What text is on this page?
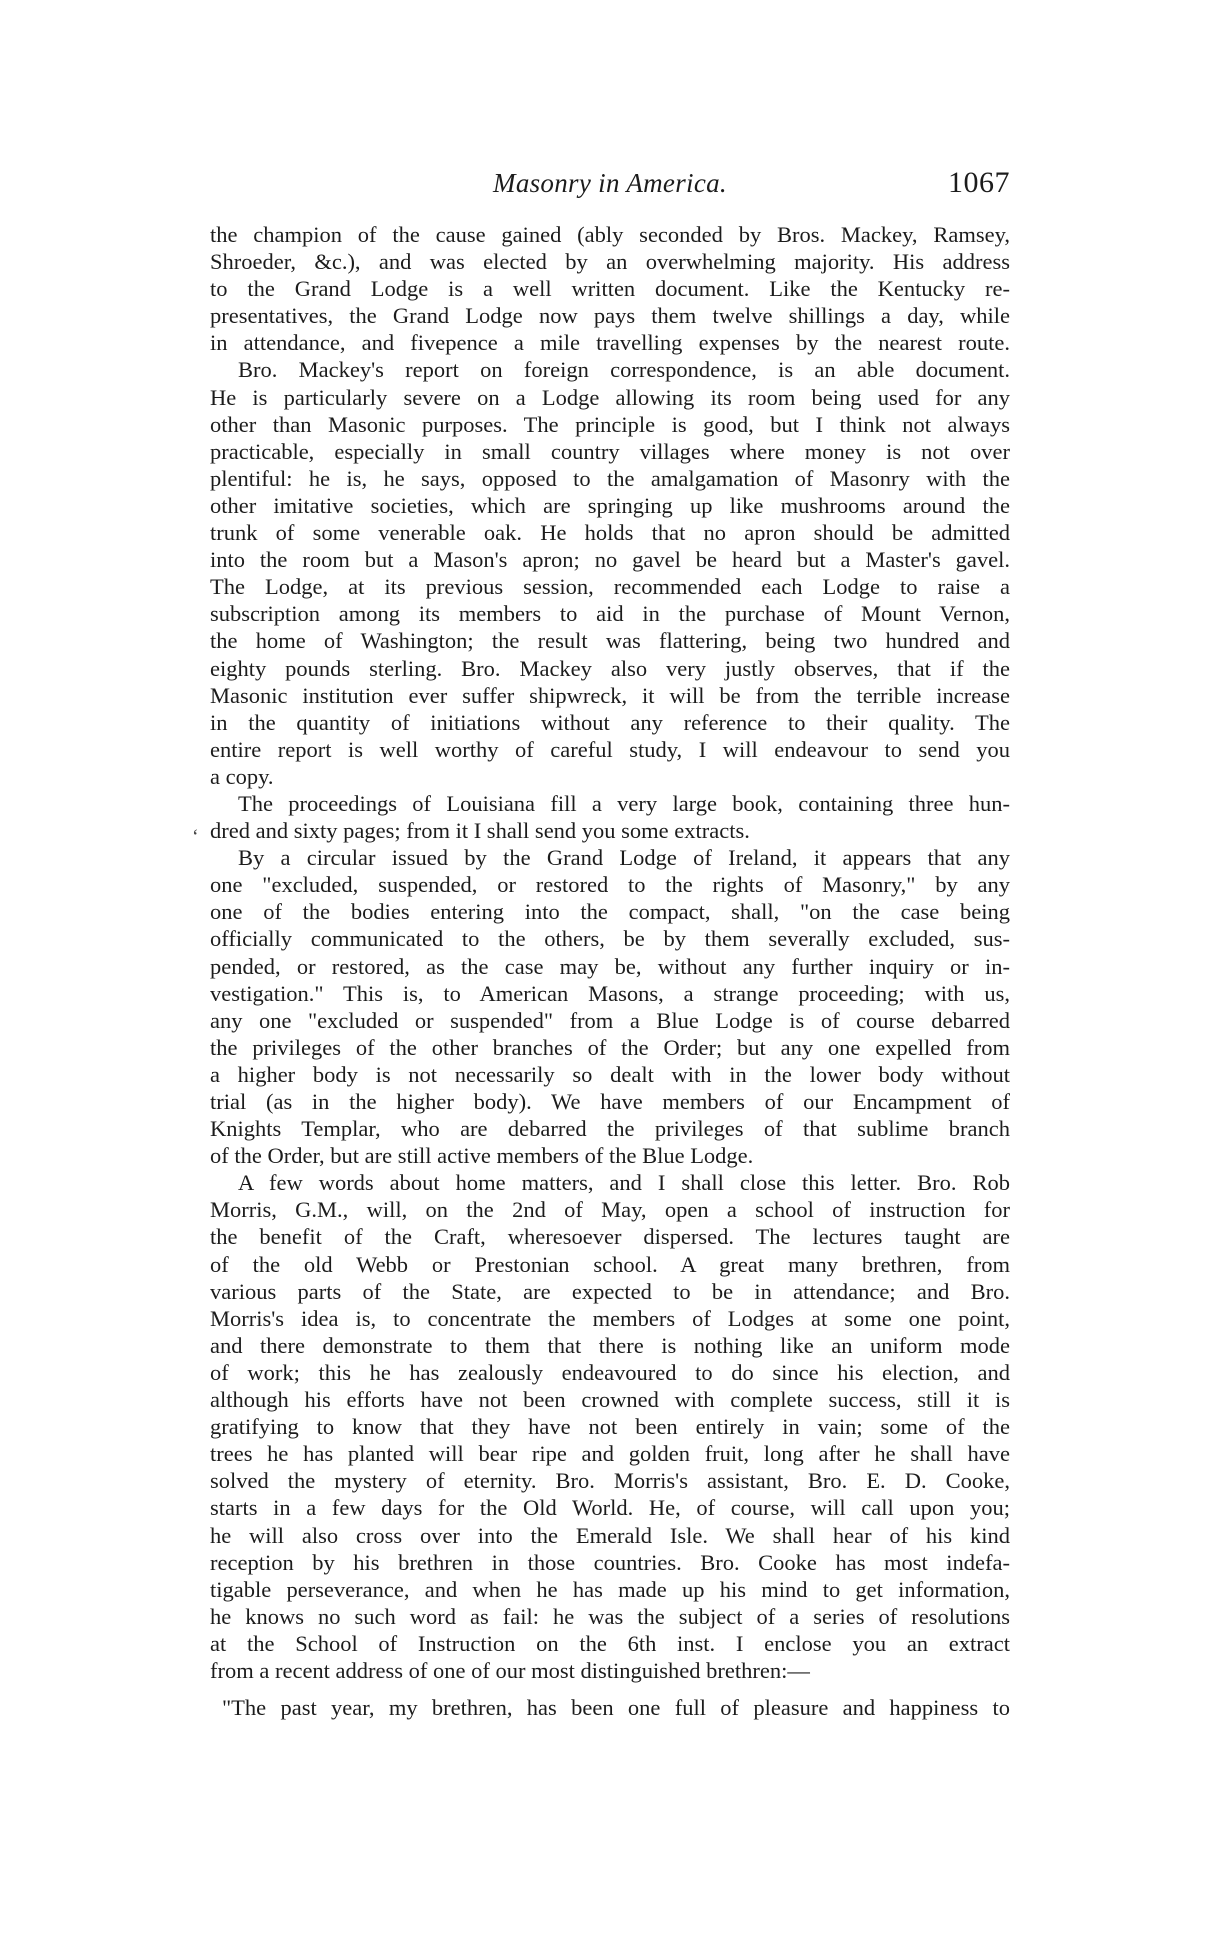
Masonry in America.	1067
‘
the champion of the cause gained (ably seconded by Bros. Mackey, Ramsey,
Shroeder, &c.), and was elected by an overwhelming majority. His address
to the Grand Lodge is a well written document. Like the Kentucky re-
presentatives, the Grand Lodge now pays them twelve shillings a day, while
in attendance, and fivepence a mile travelling expenses by the nearest route.
Bro. Mackey's report on foreign correspondence, is an able document.
He is particularly severe on a Lodge allowing its room being used for any
other than Masonic purposes. The principle is good, but I think not always
practicable, especially in small country villages where money is not over
plentiful: he is, he says, opposed to the amalgamation of Masonry with the
other imitative societies, which are springing up like mushrooms around the
trunk of some venerable oak. He holds that no apron should be admitted
into the room but a Mason's apron; no gavel be heard but a Master's gavel.
The Lodge, at its previous session, recommended each Lodge to raise a
subscription among its members to aid in the purchase of Mount Vernon,
the home of Washington; the result was flattering, being two hundred and
eighty pounds sterling. Bro. Mackey also very justly observes, that if the
Masonic institution ever suffer shipwreck, it will be from the terrible increase
in the quantity of initiations without any reference to their quality. The
entire report is well worthy of careful study, I will endeavour to send you
a copy.
The proceedings of Louisiana fill a very large book, containing three hun-
dred and sixty pages; from it I shall send you some extracts.
By a circular issued by the Grand Lodge of Ireland, it appears that any
one "excluded, suspended, or restored to the rights of Masonry," by any
one of the bodies entering into the compact, shall, "on the case being
officially communicated to the others, be by them severally excluded, sus-
pended, or restored, as the case may be, without any further inquiry or in-
vestigation." This is, to American Masons, a strange proceeding; with us,
any one "excluded or suspended" from a Blue Lodge is of course debarred
the privileges of the other branches of the Order; but any one expelled from
a higher body is not necessarily so dealt with in the lower body without
trial (as in the higher body). We have members of our Encampment of
Knights Templar, who are debarred the privileges of that sublime branch
of the Order, but are still active members of the Blue Lodge.
A few words about home matters, and I shall close this letter. Bro. Rob
Morris, G.M., will, on the 2nd of May, open a school of instruction for
the benefit of the Craft, wheresoever dispersed. The lectures taught are
of the old Webb or Prestonian school. A great many brethren, from
various parts of the State, are expected to be in attendance; and Bro.
Morris's idea is, to concentrate the members of Lodges at some one point,
and there demonstrate to them that there is nothing like an uniform mode
of work; this he has zealously endeavoured to do since his election, and
although his efforts have not been crowned with complete success, still it is
gratifying to know that they have not been entirely in vain; some of the
trees he has planted will bear ripe and golden fruit, long after he shall have
solved the mystery of eternity. Bro. Morris's assistant, Bro. E. D. Cooke,
starts in a few days for the Old World. He, of course, will call upon you;
he will also cross over into the Emerald Isle. We shall hear of his kind
reception by his brethren in those countries. Bro. Cooke has most indefa-
tigable perseverance, and when he has made up his mind to get information,
he knows no such word as fail: he was the subject of a series of resolutions
at the School of Instruction on the 6th inst. I enclose you an extract
from a recent address of one of our most distinguished brethren:—
"The past year, my brethren, has been one full of pleasure and happiness to
